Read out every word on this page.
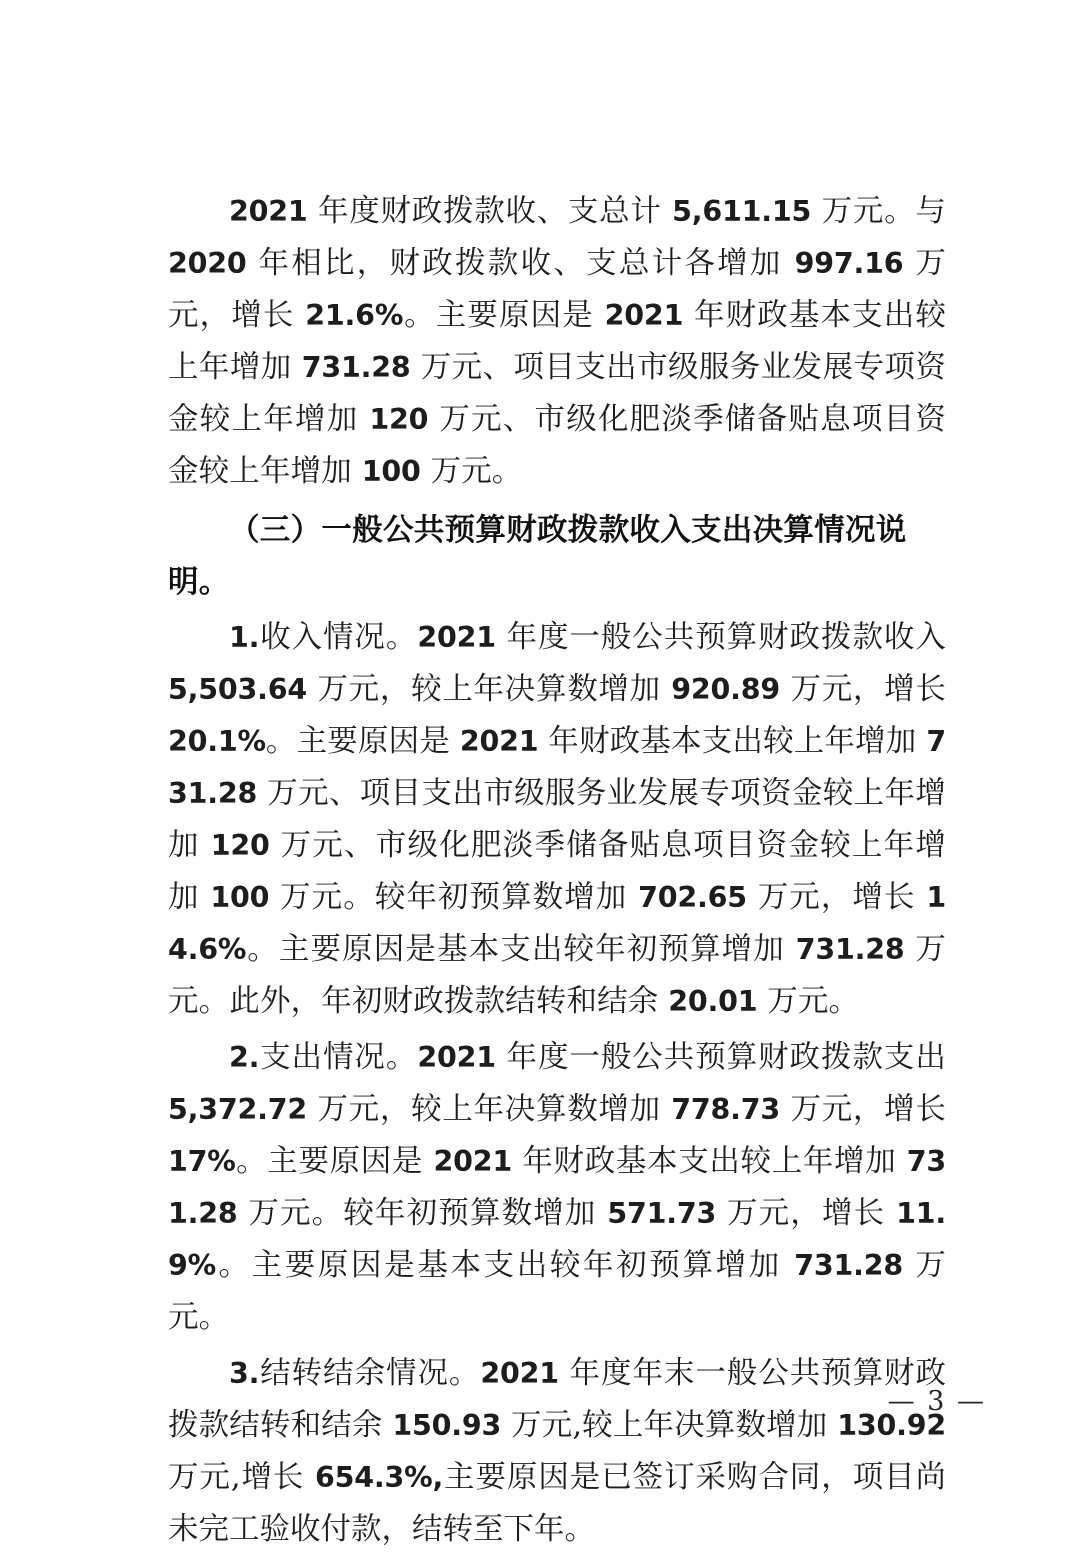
2021 年度财政拨款收、支总计 5,611.15 万元。与 2020 年相比，财政拨款收、支总计各增加 997.16 万元，增长 21.6%。主要原因是 2021 年财政基本支出较上年增加 731.28 万元、项目支出市级服务业发展专项资金较上年增加 120 万元、市级化肥淡季储备贴息项目资金较上年增加 100 万元。

（三）一般公共预算财政拨款收入支出决算情况说明。

1.收入情况。2021 年度一般公共预算财政拨款收入 5,503.64 万元，较上年决算数增加 920.89 万元，增长 20.1%。主要原因是 2021 年财政基本支出较上年增加 731.28 万元、项目支出市级服务业发展专项资金较上年增加 120 万元、市级化肥淡季储备贴息项目资金较上年增加 100 万元。较年初预算数增加 702.65 万元，增长 14.6%。主要原因是基本支出较年初预算增加 731.28 万元。此外，年初财政拨款结转和结余 20.01 万元。

2.支出情况。2021 年度一般公共预算财政拨款支出 5,372.72 万元，较上年决算数增加 778.73 万元，增长 17%。主要原因是 2021 年财政基本支出较上年增加 731.28 万元。较年初预算数增加 571.73 万元，增长 11.9%。主要原因是基本支出较年初预算增加 731.28 万元。

3.结转结余情况。2021 年度年末一般公共预算财政拨款结转和结余 150.93 万元,较上年决算数增加 130.92 万元,增长 654.3%,主要原因是已签订采购合同，项目尚未完工验收付款，结转至下年。

— 3 —
